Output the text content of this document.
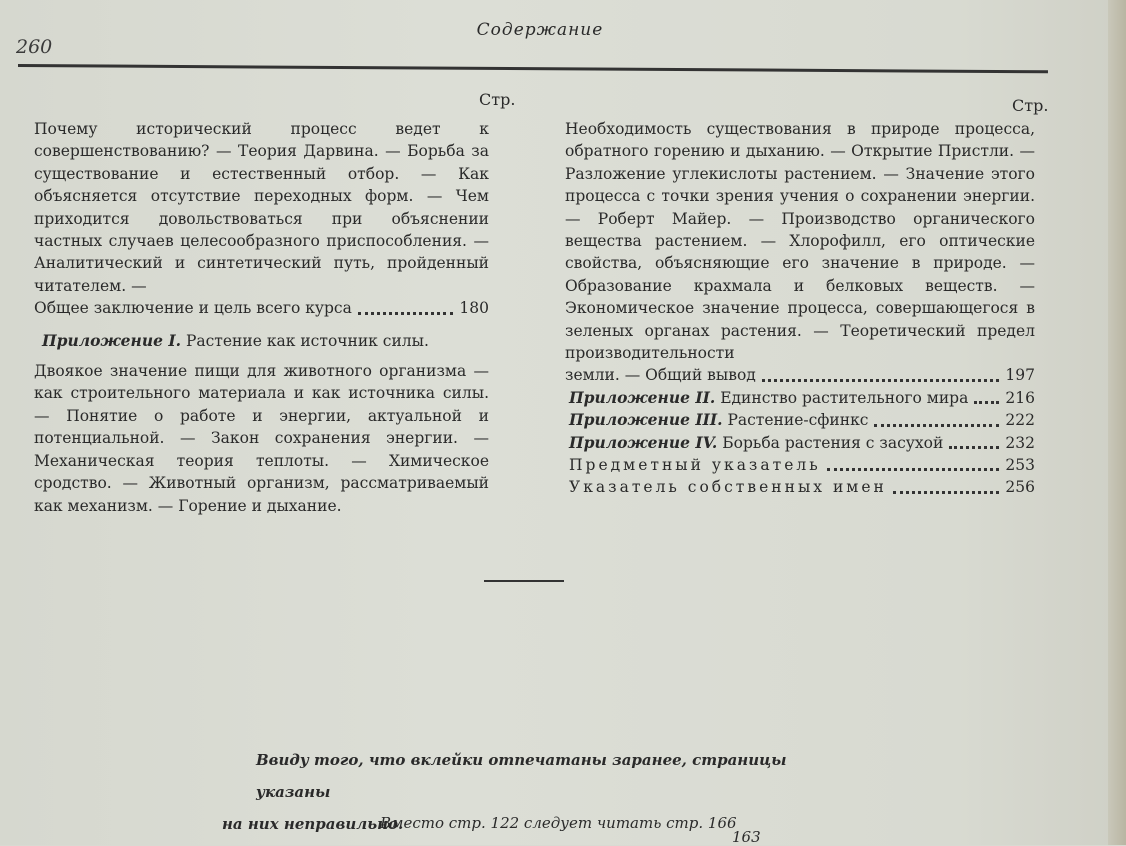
260
Содержание
Стр.	Стр.

Почему исторический процесс ведет к совершенствованию? — Теория Дарвина. — Борьба за существование и естественный отбор. — Как объясняется отсутствие переходных форм. — Чем приходится довольствоваться при объяснении частных случаев целесообразного приспособления. — Аналитический и синтетический путь, пройденный читателем. —

Общее заключение и цель всего курса	180
Приложение I. Растение как источник силы.

Двоякое значение пищи для животного организма — как строительного материала и как источника силы. — Понятие о работе и энергии, актуальной и потенциальной. — Закон сохранения энергии. — Механическая теория теплоты. — Химическое сродство. — Животный организм, рассматриваемый как механизм. — Горение и дыхание.

Необходимость существования в природе процесса, обратного горению и дыханию. — Открытие Пристли. — Разложение углекислоты растением. — Значение этого процесса с точки зрения учения о сохранении энергии. — Роберт Майер. — Производство органического вещества растением. — Хлорофилл, его оптические свойства, объясняющие его значение в природе. — Образование крахмала и белковых веществ. — Экономическое значение процесса, совершающегося в зеленых органах растения. — Теоретический предел производительности

земли. — Общий вывод	197
Приложение II. Единство растительного мира 216
Приложение III. Растение-сфинкс	222
Приложение IV. Борьба растения с засухой	232
Предметный указатель	253
Указатель собственных имен	256
Ввиду того, что вклейки отпечатаны заранее, страницы указаны
на них неправильно.
Вместо стр. 122 следует читать стр. 166
163
